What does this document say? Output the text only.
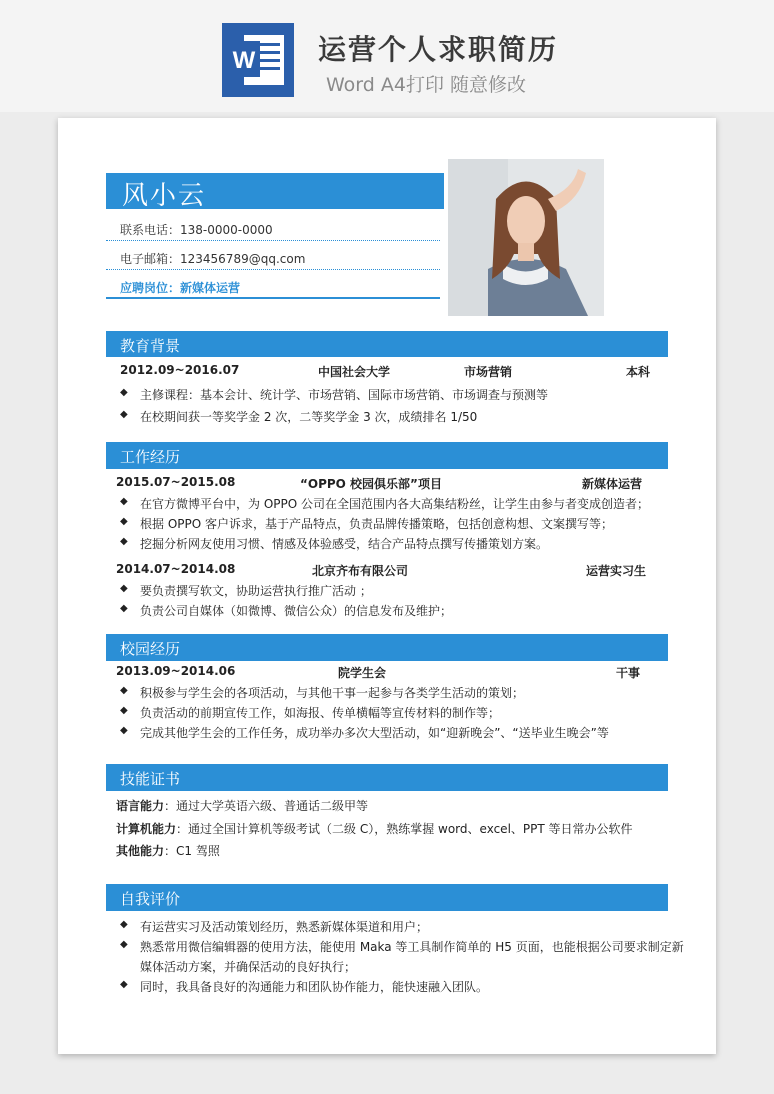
W 运营个人求职简历
Word A4打印 随意修改
风小云
联系电话：138-0000-0000
电子邮箱：123456789@qq.com
应聘岗位：新媒体运营
教育背景
2012.09~2016.07	中国社会大学	市场营销	本科
◆ 主修课程：基本会计、统计学、市场营销、国际市场营销、市场调查与预测等
◆ 在校期间获一等奖学金 2 次，二等奖学金 3 次，成绩排名 1/50
工作经历
2015.07~2015.08	“OPPO 校园俱乐部”项目	新媒体运营
◆ 在官方微博平台中，为 OPPO 公司在全国范围内各大高集结粉丝，让学生由参与者变成创造者；
◆ 根据 OPPO 客户诉求，基于产品特点，负责品牌传播策略，包括创意构想、文案撰写等；
◆ 挖掘分析网友使用习惯、情感及体验感受，结合产品特点撰写传播策划方案。
2014.07~2014.08	北京齐布有限公司	运营实习生
◆ 要负责撰写软文，协助运营执行推广活动 ；
◆ 负责公司自媒体（如微博、微信公众）的信息发布及维护；
校园经历
2013.09~2014.06	院学生会	干事
◆ 积极参与学生会的各项活动，与其他干事一起参与各类学生活动的策划；
◆ 负责活动的前期宣传工作，如海报、传单横幅等宣传材料的制作等；
◆ 完成其他学生会的工作任务，成功举办多次大型活动，如“迎新晚会”、“送毕业生晚会”等
技能证书
语言能力：通过大学英语六级、普通话二级甲等
计算机能力：通过全国计算机等级考试（二级 C），熟练掌握 word、excel、PPT 等日常办公软件
其他能力：C1 驾照
自我评价
◆ 有运营实习及活动策划经历，熟悉新媒体渠道和用户；
◆ 熟悉常用微信编辑器的使用方法，能使用 Maka 等工具制作简单的 H5 页面，也能根据公司要求制定新
媒体活动方案，并确保活动的良好执行；
◆ 同时，我具备良好的沟通能力和团队协作能力，能快速融入团队。
